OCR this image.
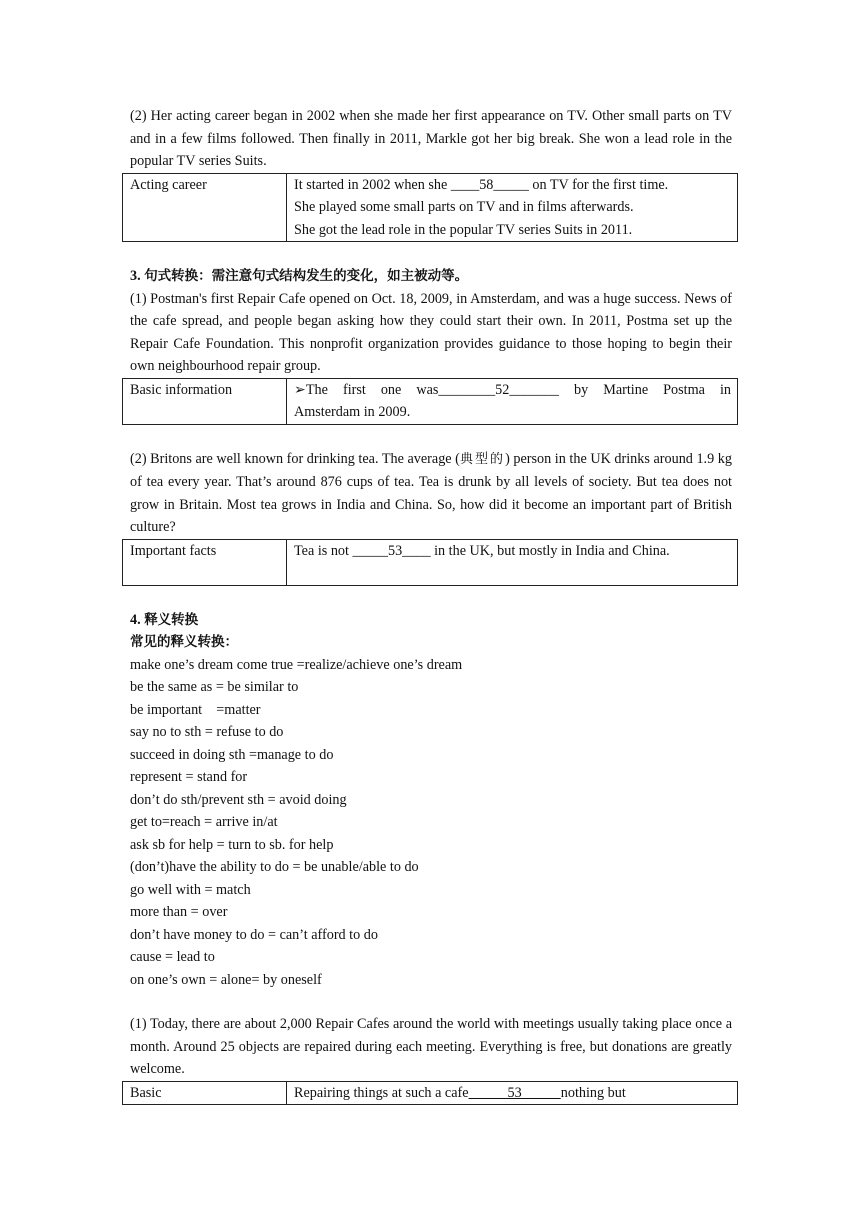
(2) Her acting career began in 2002 when she made her first appearance on TV. Other small parts on TV and in a few films followed. Then finally in 2011, Markle got her big break. She won a lead role in the popular TV series Suits.

Acting career	It started in 2002 when she ____58_____ on TV for the first time.
She played some small parts on TV and in films afterwards.
She got the lead role in the popular TV series Suits in 2011.

3. 句式转换：需注意句式结构发生的变化，如主被动等。

(1) Postman's first Repair Cafe opened on Oct. 18, 2009, in Amsterdam, and was a huge success. News of the cafe spread, and people began asking how they could start their own. In 2011, Postma set up the Repair Cafe Foundation. This nonprofit organization provides guidance to those hoping to begin their own neighbourhood repair group.

Basic information	➢The first one was________52_______ by Martine Postma in
Amsterdam in 2009.

(2) Britons are well known for drinking tea. The average (典型的) person in the UK drinks around 1.9 kg of tea every year. That’s around 876 cups of tea. Tea is drunk by all levels of society. But tea does not grow in Britain. Most tea grows in India and China. So, how did it become an important part of British culture?

Important facts	Tea is not _____53____ in the UK, but mostly in India and China.

4. 释义转换

常见的释义转换：

make one’s dream come true =realize/achieve one’s dream
be the same as = be similar to
be important    =matter
say no to sth = refuse to do
succeed in doing sth =manage to do
represent = stand for
don’t do sth/prevent sth = avoid doing
get to=reach = arrive in/at
ask sb for help = turn to sb. for help
(don’t)have the ability to do = be unable/able to do
go well with = match
more than = over
don’t have money to do = can’t afford to do
cause = lead to
on one’s own = alone= by oneself

(1) Today, there are about 2,000 Repair Cafes around the world with meetings usually taking place once a month. Around 25 objects are repaired during each meeting. Everything is free, but donations are greatly welcome.

Basic	Repairing things at such a cafe           53           nothing but
